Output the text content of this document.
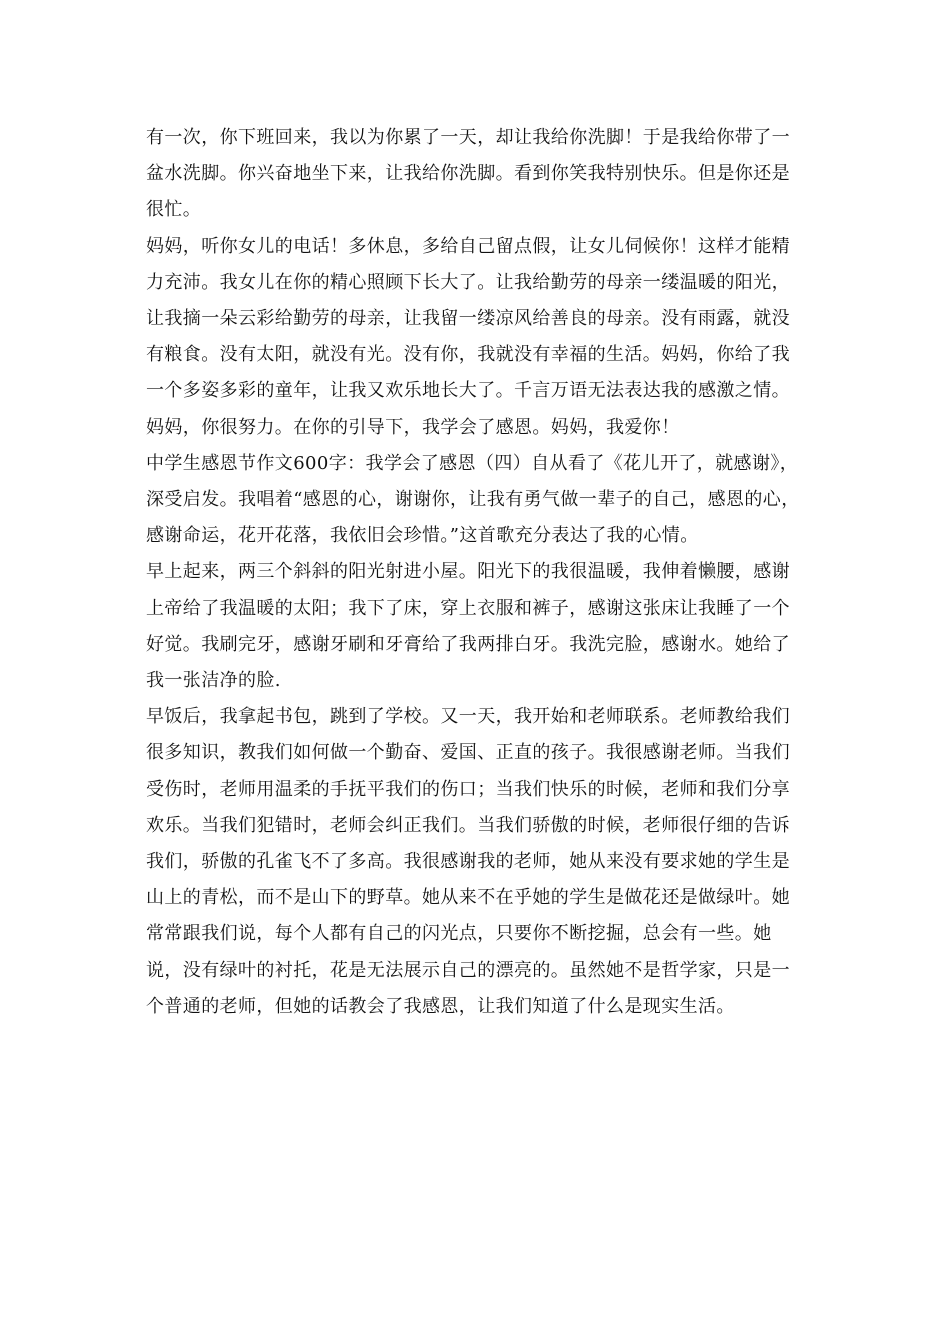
有一次，你下班回来，我以为你累了一天，却让我给你洗脚！于是我给你带了一盆水洗脚。你兴奋地坐下来，让我给你洗脚。看到你笑我特别快乐。但是你还是很忙。

妈妈，听你女儿的电话！多休息，多给自己留点假，让女儿伺候你！这样才能精力充沛。我女儿在你的精心照顾下长大了。让我给勤劳的母亲一缕温暖的阳光，让我摘一朵云彩给勤劳的母亲，让我留一缕凉风给善良的母亲。没有雨露，就没有粮食。没有太阳，就没有光。没有你，我就没有幸福的生活。妈妈，你给了我一个多姿多彩的童年，让我又欢乐地长大了。千言万语无法表达我的感激之情。

妈妈，你很努力。在你的引导下，我学会了感恩。妈妈，我爱你！

中学生感恩节作文600字：我学会了感恩（四）自从看了《花儿开了，就感谢》，深受启发。我唱着“感恩的心，谢谢你，让我有勇气做一辈子的自己，感恩的心，感谢命运，花开花落，我依旧会珍惜。”这首歌充分表达了我的心情。

早上起来，两三个斜斜的阳光射进小屋。阳光下的我很温暖，我伸着懒腰，感谢上帝给了我温暖的太阳；我下了床，穿上衣服和裤子，感谢这张床让我睡了一个好觉。我刷完牙，感谢牙刷和牙膏给了我两排白牙。我洗完脸，感谢水。她给了我一张洁净的脸.

早饭后，我拿起书包，跳到了学校。又一天，我开始和老师联系。老师教给我们很多知识，教我们如何做一个勤奋、爱国、正直的孩子。我很感谢老师。当我们受伤时，老师用温柔的手抚平我们的伤口；当我们快乐的时候，老师和我们分享欢乐。当我们犯错时，老师会纠正我们。当我们骄傲的时候，老师很仔细的告诉我们，骄傲的孔雀飞不了多高。我很感谢我的老师，她从来没有要求她的学生是山上的青松，而不是山下的野草。她从来不在乎她的学生是做花还是做绿叶。她常常跟我们说，每个人都有自己的闪光点，只要你不断挖掘，总会有一些。她说，没有绿叶的衬托，花是无法展示自己的漂亮的。虽然她不是哲学家，只是一个普通的老师，但她的话教会了我感恩，让我们知道了什么是现实生活。
